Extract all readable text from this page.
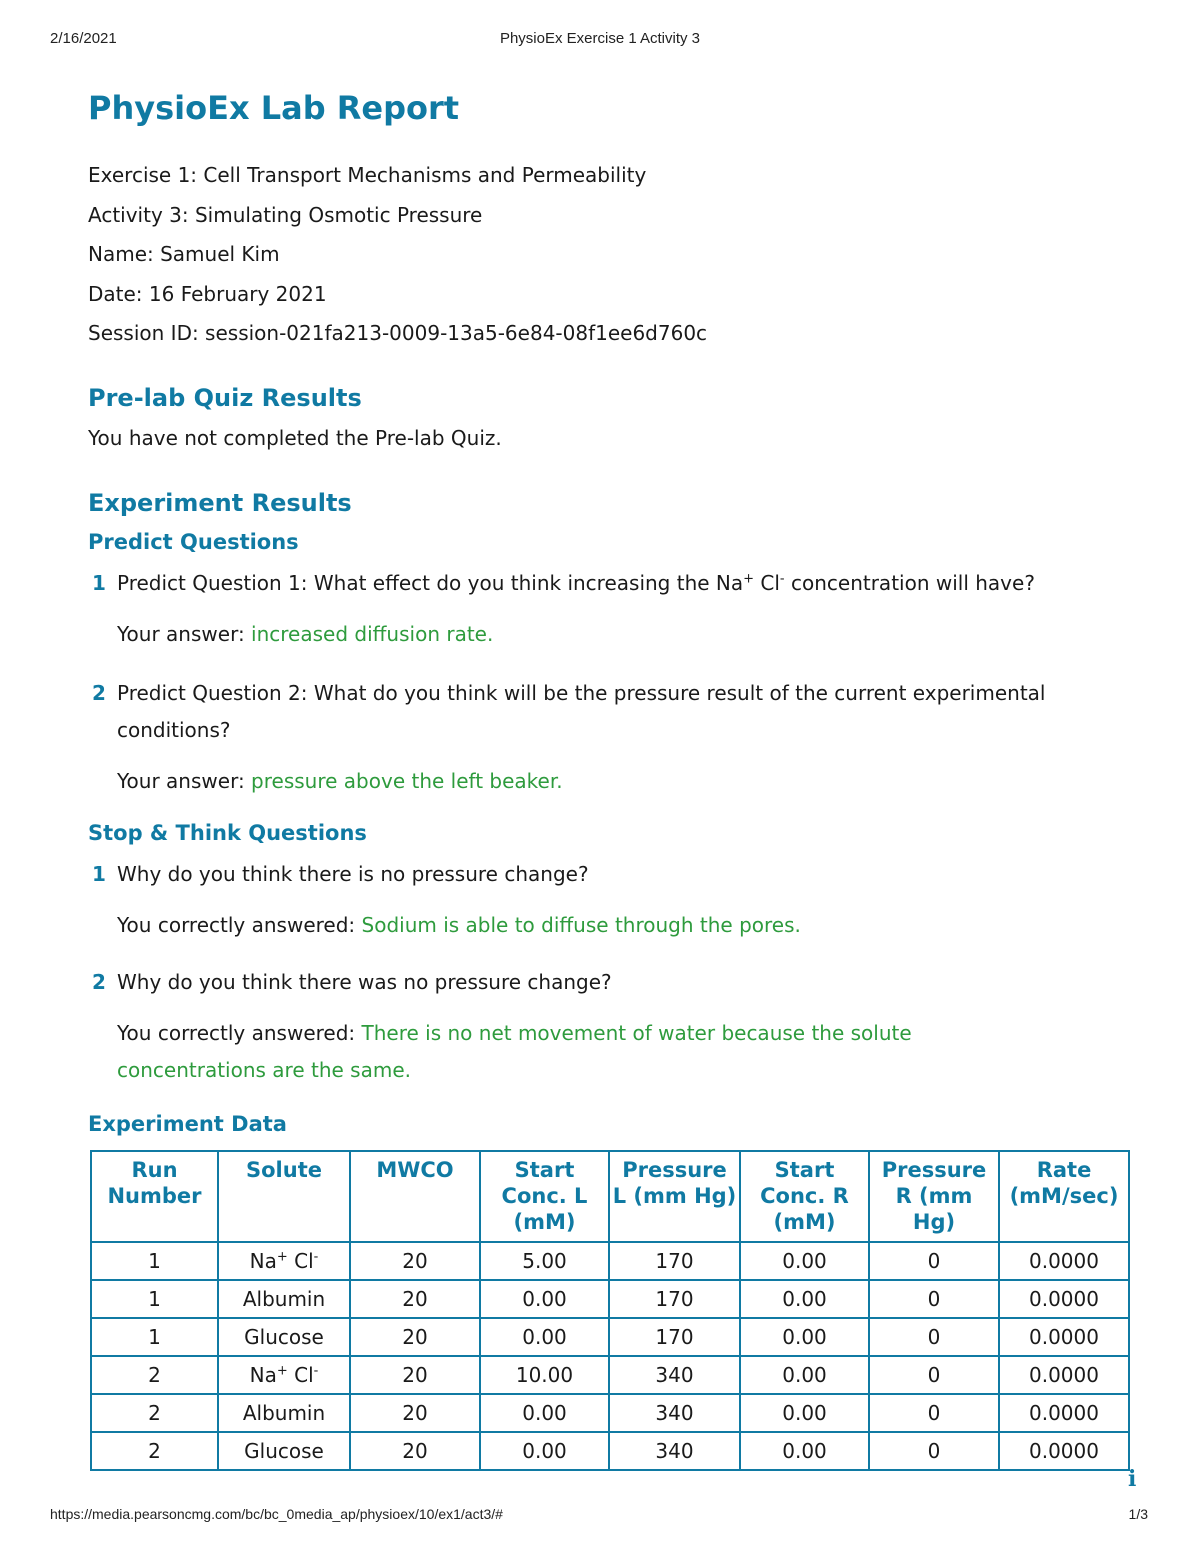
2/16/2021	PhysioEx Exercise 1 Activity 3
PhysioEx Lab Report

Exercise 1: Cell Transport Mechanisms and Permeability

Activity 3: Simulating Osmotic Pressure

Name: Samuel Kim

Date: 16 February 2021

Session ID: session-021fa213-0009-13a5-6e84-08f1ee6d760c

Pre-lab Quiz Results

You have not completed the Pre-lab Quiz.

Experiment Results
Predict Questions

1 Predict Question 1: What effect do you think increasing the Na+ Cl- concentration will have?

Your answer: increased diffusion rate.

2 Predict Question 2: What do you think will be the pressure result of the current experimental conditions?

Your answer: pressure above the left beaker.

Stop & Think Questions

1 Why do you think there is no pressure change?

You correctly answered: Sodium is able to diffuse through the pores.

2 Why do you think there was no pressure change?

You correctly answered: There is no net movement of water because the solute concentrations are the same.

Experiment Data
Run Number	Solute	MWCO	Start Conc. L (mM)	Pressure L (mm Hg)	Start Conc. R (mM)	Pressure R (mm Hg)	Rate (mM/sec)
1	Na+ Cl-	20	5.00	170	0.00	0	0.0000
1	Albumin	20	0.00	170	0.00	0	0.0000
1	Glucose	20	0.00	170	0.00	0	0.0000
2	Na+ Cl-	20	10.00	340	0.00	0	0.0000
2	Albumin	20	0.00	340	0.00	0	0.0000
2	Glucose	20	0.00	340	0.00	0	0.0000
i
https://media.pearsoncmg.com/bc/bc_0media_ap/physioex/10/ex1/act3/#	1/3
